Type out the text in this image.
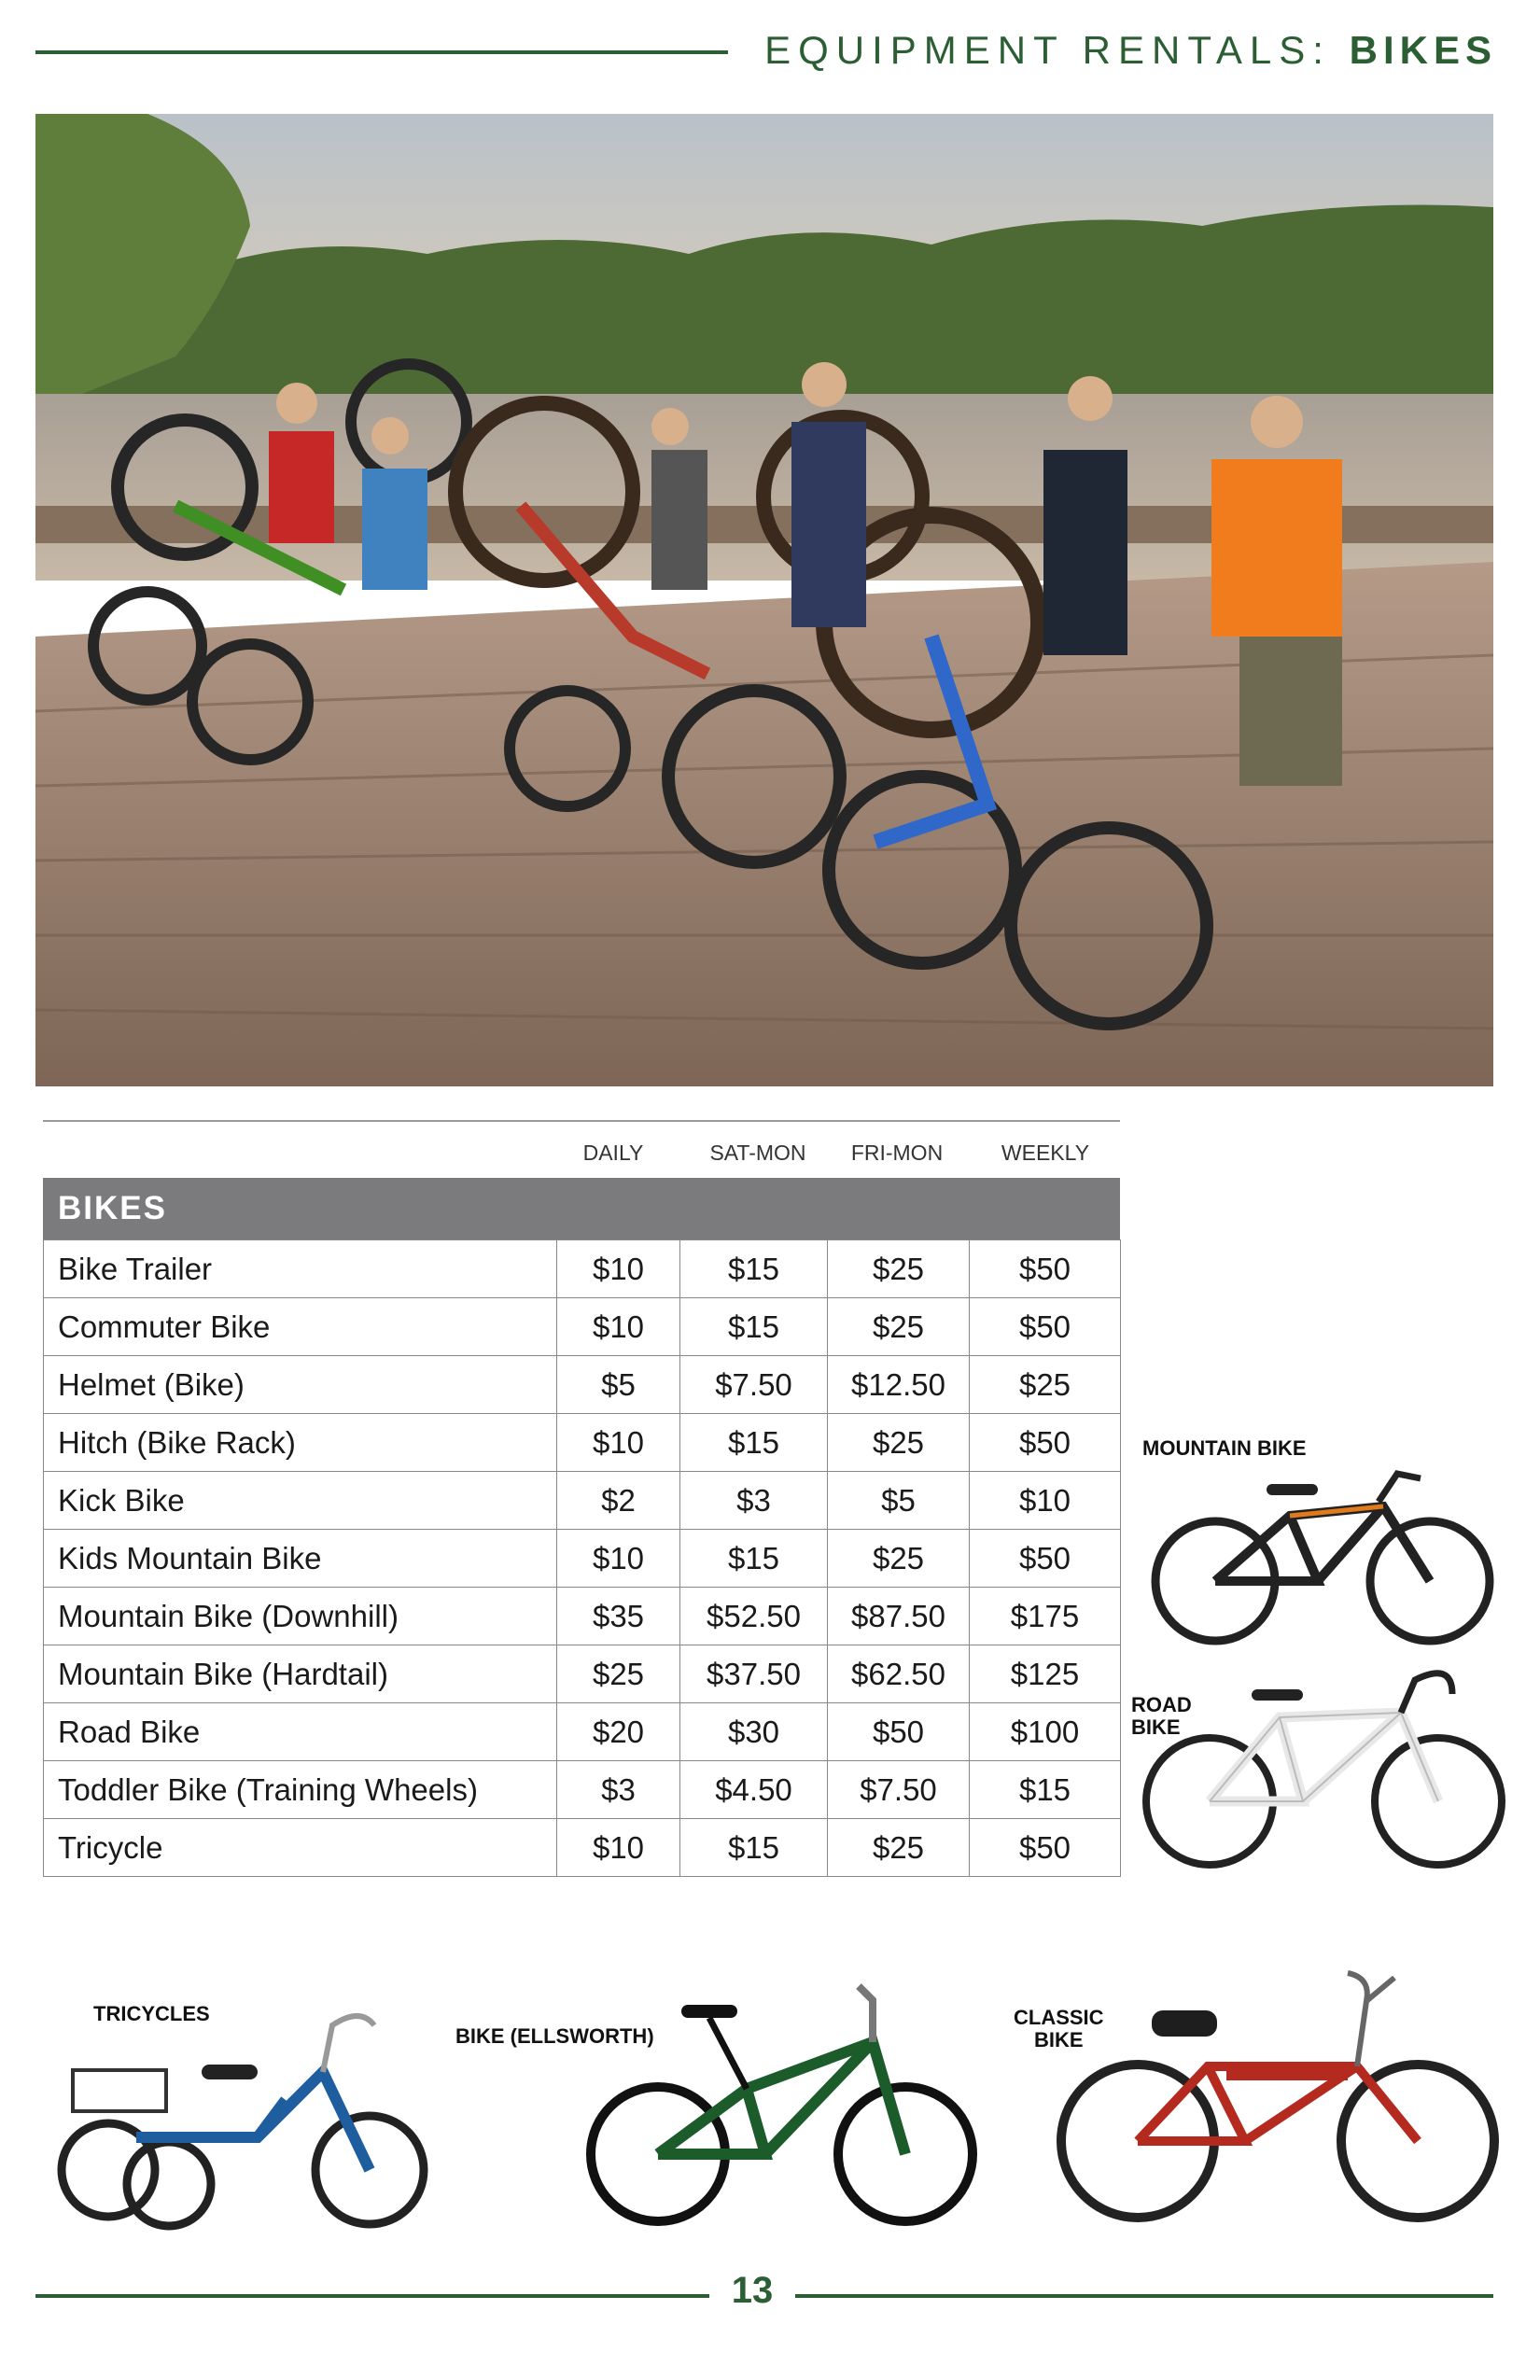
EQUIPMENT RENTALS: BIKES
DAILY	SAT-MON	FRI-MON	WEEKLY
BIKES
Bike Trailer	$10	$15	$25	$50
Commuter Bike	$10	$15	$25	$50
Helmet (Bike)	$5	$7.50	$12.50	$25
Hitch (Bike Rack)	$10	$15	$25	$50
Kick Bike	$2	$3	$5	$10
Kids Mountain Bike	$10	$15	$25	$50
Mountain Bike (Downhill)	$35	$52.50	$87.50	$175
Mountain Bike (Hardtail)	$25	$37.50	$62.50	$125
Road Bike	$20	$30	$50	$100
Toddler Bike (Training Wheels)	$3	$4.50	$7.50	$15
Tricycle	$10	$15	$25	$50
MOUNTAIN BIKE
ROAD
BIKE
TRICYCLES
BIKE (ELLSWORTH)
CLASSIC
BIKE
13
